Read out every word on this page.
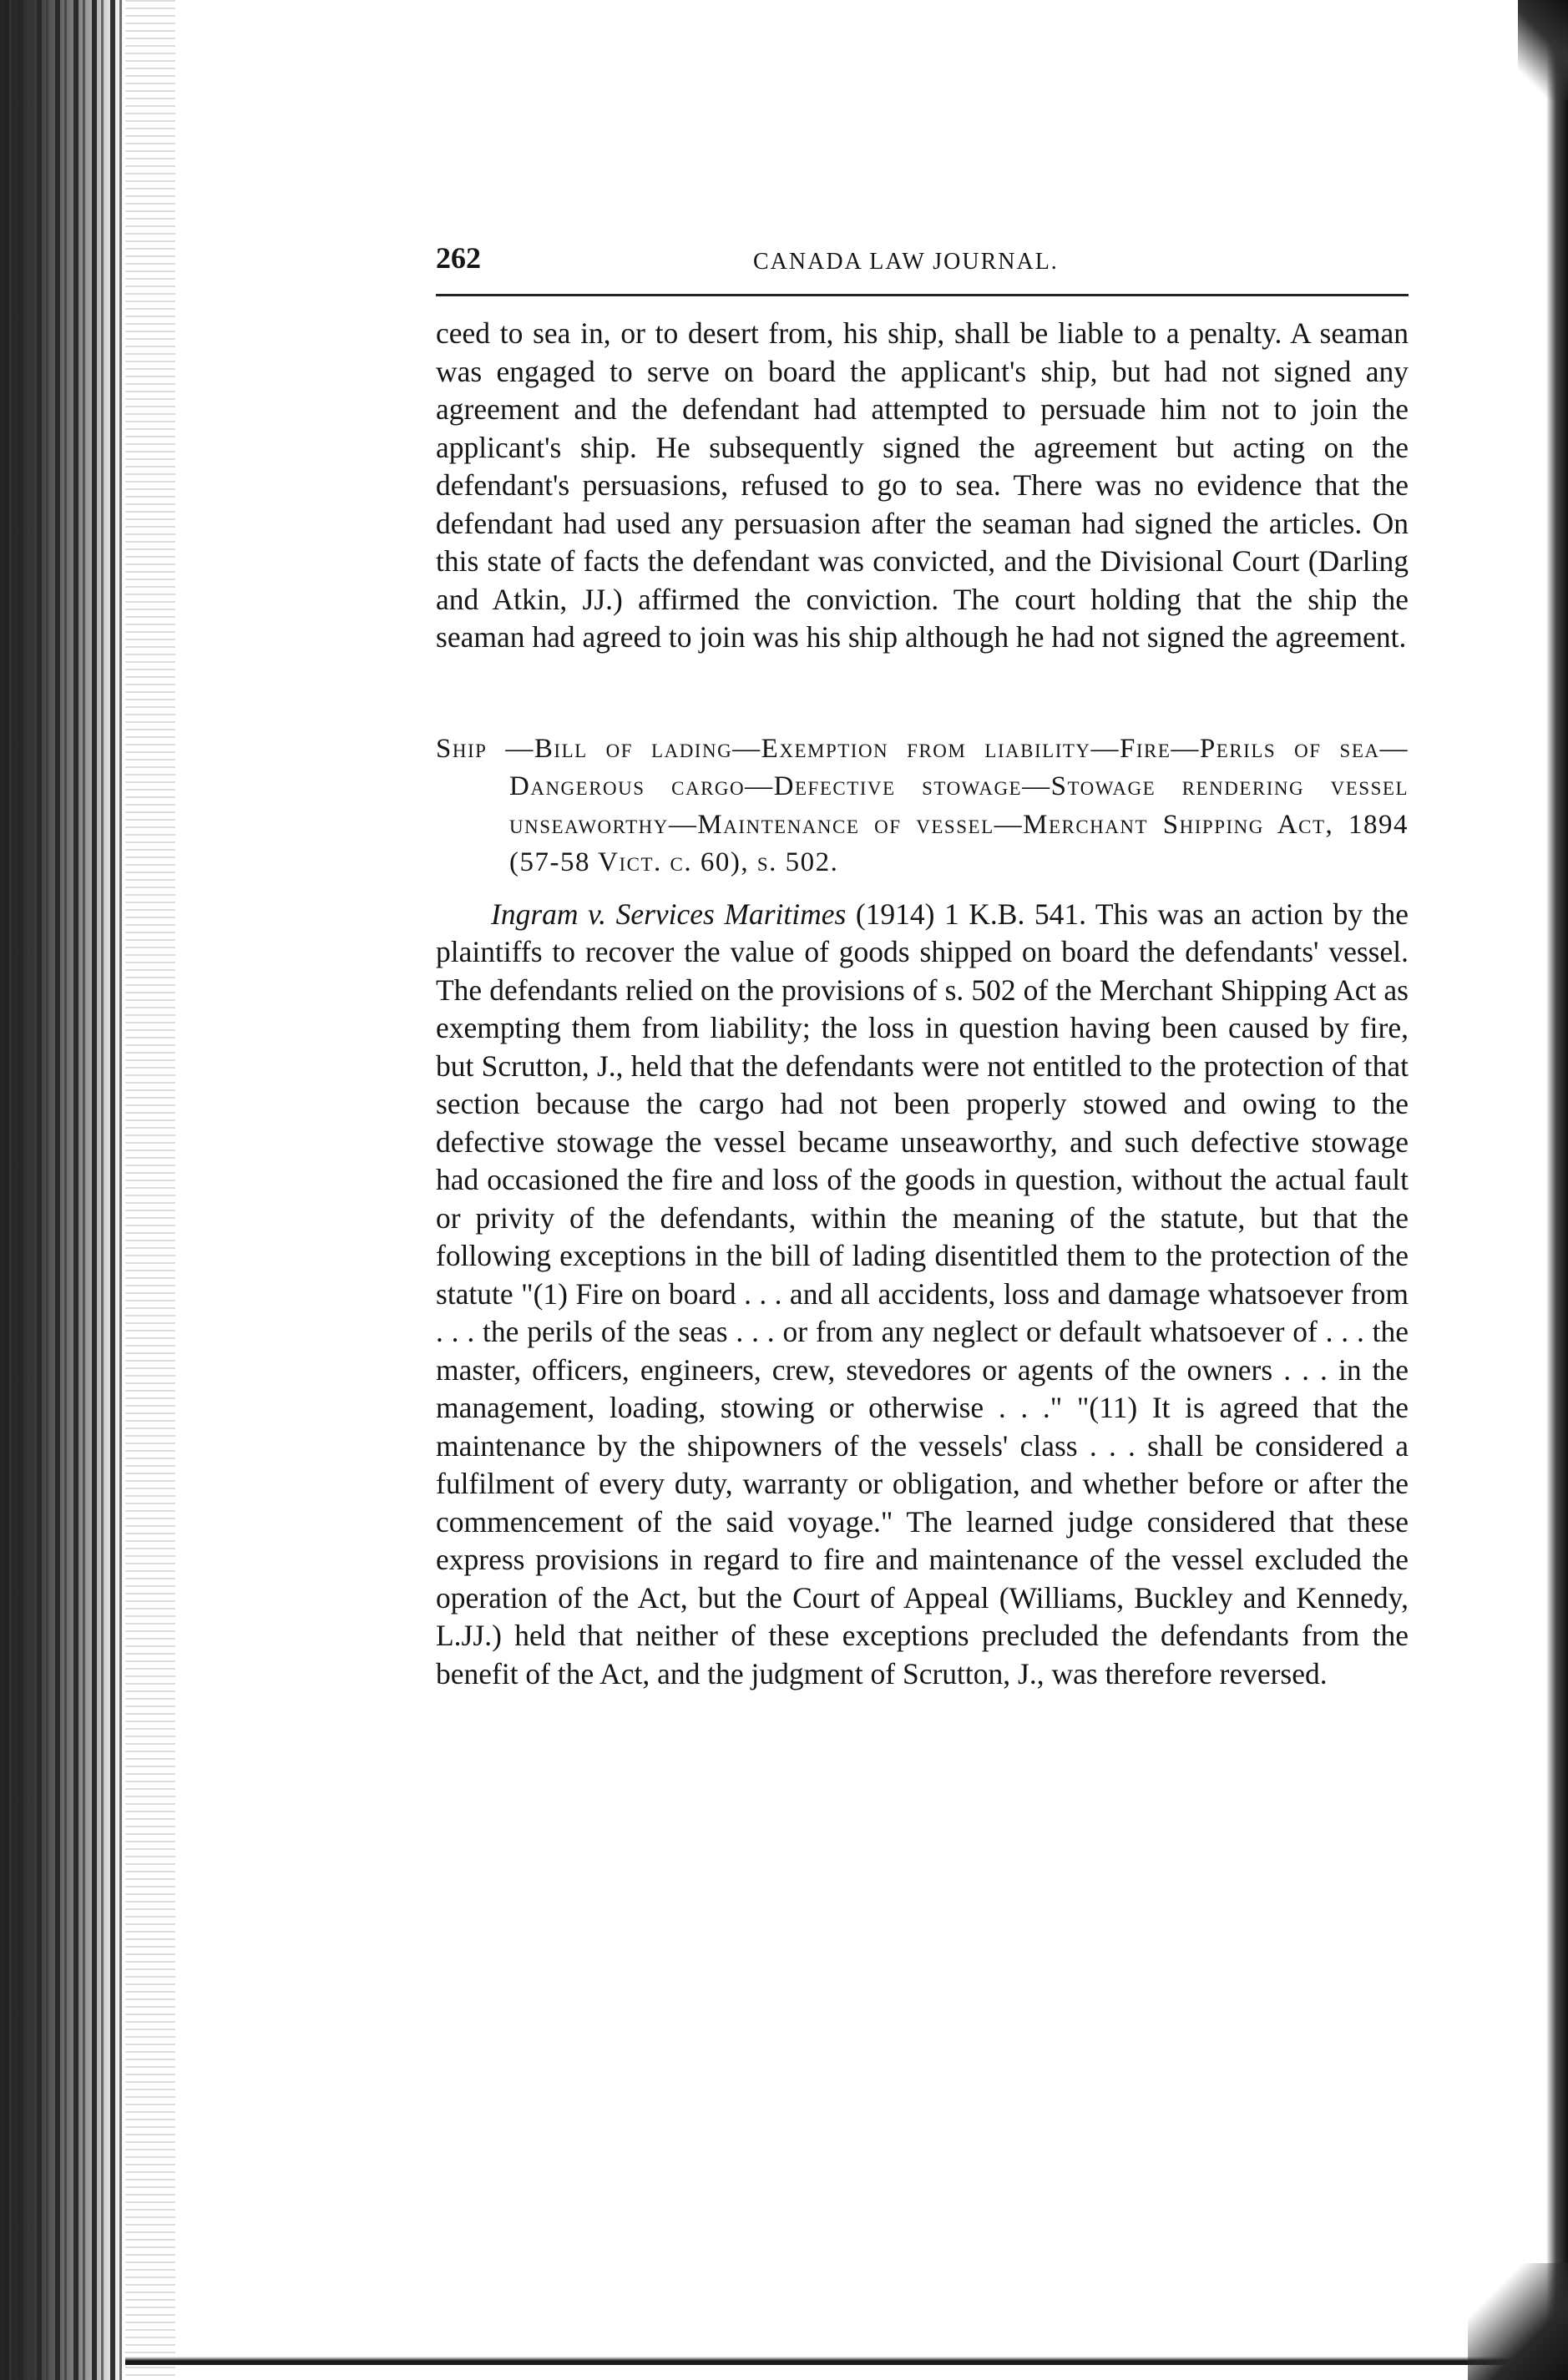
262	CANADA LAW JOURNAL.

ceed to sea in, or to desert from, his ship, shall be liable to a penalty. A seaman was engaged to serve on board the applicant's ship, but had not signed any agreement and the defendant had attempted to persuade him not to join the applicant's ship. He subsequently signed the agreement but acting on the defendant's persuasions, refused to go to sea. There was no evidence that the defendant had used any persuasion after the seaman had signed the articles. On this state of facts the defendant was convicted, and the Divisional Court (Darling and Atkin, JJ.) affirmed the conviction. The court holding that the ship the seaman had agreed to join was his ship although he had not signed the agreement.

Ship —Bill of lading—Exemption from liability—Fire—Perils of sea—Dangerous cargo—Defective stowage—Stowage rendering vessel unseaworthy—Maintenance of vessel—Merchant Shipping Act, 1894 (57-58 Vict. c. 60), s. 502.

Ingram v. Services Maritimes (1914) 1 K.B. 541. This was an action by the plaintiffs to recover the value of goods shipped on board the defendants' vessel. The defendants relied on the provisions of s. 502 of the Merchant Shipping Act as exempting them from liability; the loss in question having been caused by fire, but Scrutton, J., held that the defendants were not entitled to the protection of that section because the cargo had not been properly stowed and owing to the defective stowage the vessel became unseaworthy, and such defective stowage had occasioned the fire and loss of the goods in question, without the actual fault or privity of the defendants, within the meaning of the statute, but that the following exceptions in the bill of lading disentitled them to the protection of the statute "(1) Fire on board . . . and all accidents, loss and damage whatsoever from . . . the perils of the seas . . . or from any neglect or default whatsoever of . . . the master, officers, engineers, crew, stevedores or agents of the owners . . . in the management, loading, stowing or otherwise . . ." "(11) It is agreed that the maintenance by the shipowners of the vessels' class . . . shall be considered a fulfilment of every duty, warranty or obligation, and whether before or after the commencement of the said voyage." The learned judge considered that these express provisions in regard to fire and maintenance of the vessel excluded the operation of the Act, but the Court of Appeal (Williams, Buckley and Kennedy, L.JJ.) held that neither of these exceptions precluded the defendants from the benefit of the Act, and the judgment of Scrutton, J., was therefore reversed.
